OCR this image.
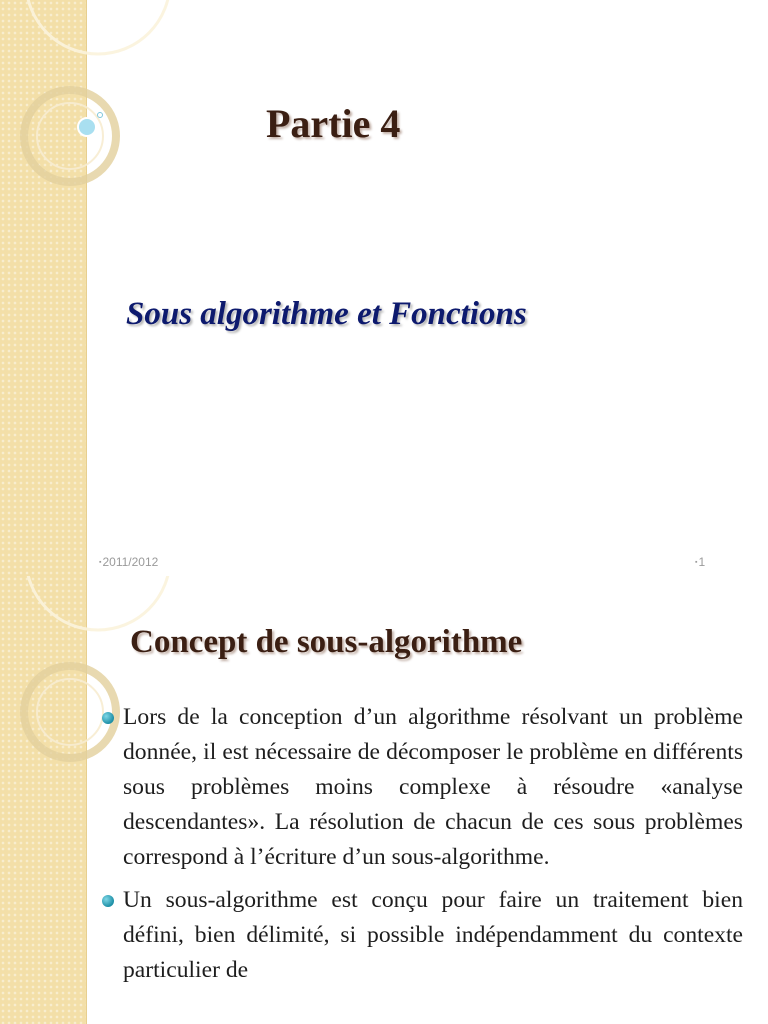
Partie 4
Sous algorithme et Fonctions
▪2011/2012	▪1
Concept de sous-algorithme
Lors de la conception d’un algorithme résolvant un problème donnée, il est nécessaire de décomposer le problème en différents sous problèmes moins complexe à résoudre «analyse descendantes». La résolution de chacun de ces sous problèmes correspond à l’écriture d’un sous-algorithme.
Un sous-algorithme est conçu pour faire un traitement bien défini, bien délimité, si possible indépendamment du contexte particulier de
